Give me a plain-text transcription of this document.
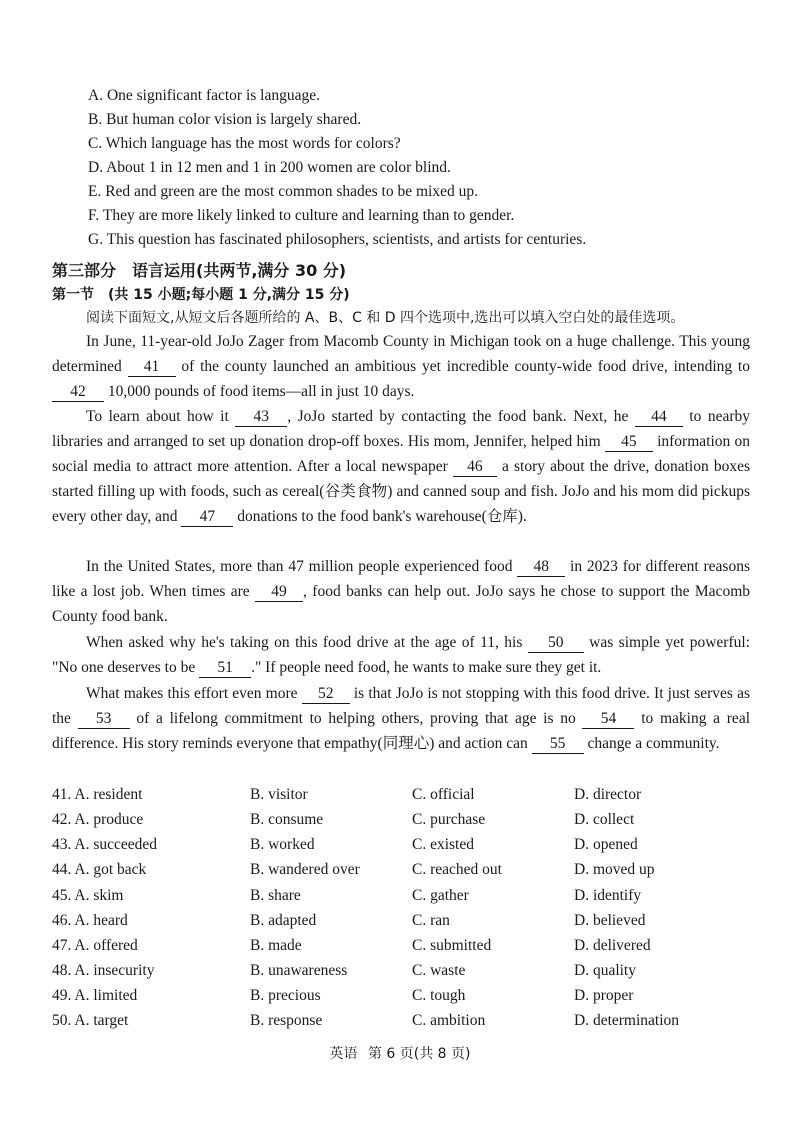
A. One significant factor is language.
B. But human color vision is largely shared.
C. Which language has the most words for colors?
D. About 1 in 12 men and 1 in 200 women are color blind.
E. Red and green are the most common shades to be mixed up.
F. They are more likely linked to culture and learning than to gender.
G. This question has fascinated philosophers, scientists, and artists for centuries.
第三部分　语言运用(共两节,满分 30 分)
第一节　(共 15 小题;每小题 1 分,满分 15 分)
阅读下面短文,从短文后各题所给的 A、B、C 和 D 四个选项中,选出可以填入空白处的最佳选项。
In June, 11-year-old JoJo Zager from Macomb County in Michigan took on a huge challenge. This young determined 41 of the county launched an ambitious yet incredible county-wide food drive, intending to 42 10,000 pounds of food items—all in just 10 days.
To learn about how it 43 , JoJo started by contacting the food bank. Next, he 44 to nearby libraries and arranged to set up donation drop-off boxes. His mom, Jennifer, helped him 45 information on social media to attract more attention. After a local newspaper 46 a story about the drive, donation boxes started filling up with foods, such as cereal(谷类食物) and canned soup and fish. JoJo and his mom did pickups every other day, and 47 donations to the food bank's warehouse(仓库).
In the United States, more than 47 million people experienced food 48 in 2023 for different reasons like a lost job. When times are 49 , food banks can help out. JoJo says he chose to support the Macomb County food bank.
When asked why he's taking on this food drive at the age of 11, his 50 was simple yet powerful: "No one deserves to be 51 ." If people need food, he wants to make sure they get it.
What makes this effort even more 52 is that JoJo is not stopping with this food drive. It just serves as the 53 of a lifelong commitment to helping others, proving that age is no 54 to making a real difference. His story reminds everyone that empathy(同理心) and action can 55 change a community.
41. A. resident	B. visitor	C. official	D. director
42. A. produce	B. consume	C. purchase	D. collect
43. A. succeeded	B. worked	C. existed	D. opened
44. A. got back	B. wandered over	C. reached out	D. moved up
45. A. skim	B. share	C. gather	D. identify
46. A. heard	B. adapted	C. ran	D. believed
47. A. offered	B. made	C. submitted	D. delivered
48. A. insecurity	B. unawareness	C. waste	D. quality
49. A. limited	B. precious	C. tough	D. proper
50. A. target	B. response	C. ambition	D. determination
英语 第 6 页(共 8 页)
